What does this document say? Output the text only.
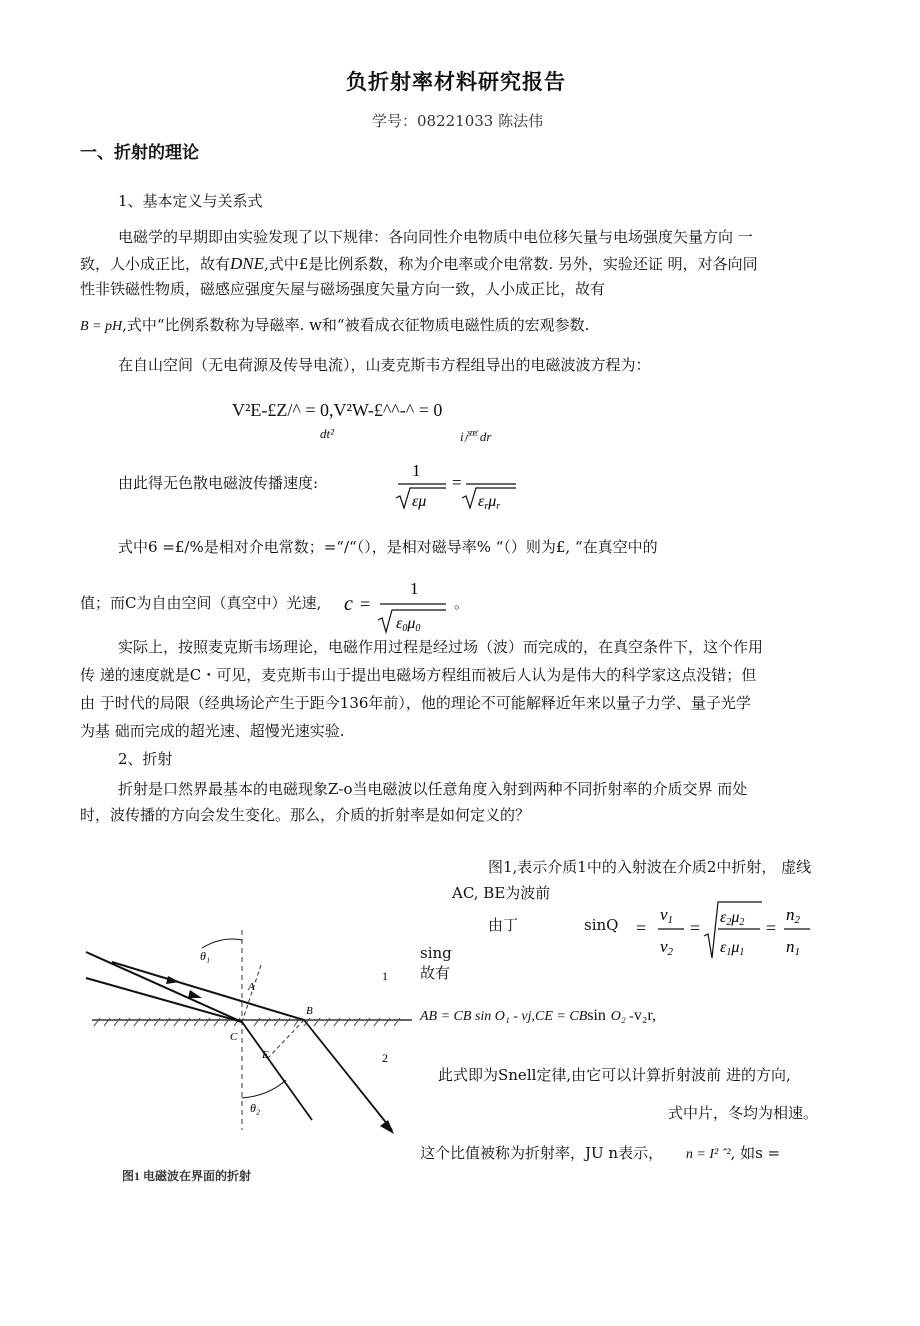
负折射率材料研究报告
学号：08221033 陈法伟
一、折射的理论
1、基本定义与关系式
电磁学的早期即由实验发现了以下规律：各向同性介电物质中电位移矢量与电场强度矢量方向 一
致，人小成正比，故有DNE,式中£是比例系数，称为介电率或介电常数. 另外，实验还证 明，对各向同
性非铁磁性物质，磁感应强度矢屋与磁场强度矢量方向一致，人小成正比，故有
B = pH,式中“比例系数称为导磁率. w和“被看成衣征物质电磁性质的宏观参数.
在自山空间（无电荷源及传导电流），山麦克斯韦方程组导出的电磁波波方程为：
V²E-£Z/^ = 0,V²W-£^^-^ = 0
dt²	i严 dr
由此得无色散电磁波传播速度:
1
εμ
=
εrμr
式中6 =£/%是相对介电常数；=“/“（），是相对磁导率% “（）则为£, “在真空中的
值；而C为自由空间（真空中）光速, c =
1
ε0μ0
。
实际上，按照麦克斯韦场理论，电磁作用过程是经过场（波）而完成的，在真空条件下，这个作用
传 递的速度就是C・可见，麦克斯韦山于提出电磁场方程组而被后人认为是伟大的科学家这点没错；但
由 于时代的局限（经典场论产生于距今136年前），他的理论不可能解释近年来以量子力学、量子光学
为基 础而完成的超光速、超慢光速实验.
2、折射
折射是口然界最基本的电磁现象Z-o当电磁波以任意角度入射到两种不同折射率的介质交界 而处
时，波传播的方向会发生变化。那么，介质的折射率是如何定义的？
θ₁
θ₂
A
B
C
E
1
2
图1 电磁波在界面的折射
图1,表示介质1中的入射波在介质2中折射， 虚线
AC, BE为波前
由丁	sinQ =
v1
v2
=
ε2μ2
ε1μ1
=
n2
n1
sing
故有
AB = CB sin O₁ - vj,CE = CBsin O₂ -v₂r,
此式即为Snell定律,由它可以计算折射波前 进的方向,
式中片，冬均为相速。
这个比值被称为折射率，JU n表示， n = I² ˆ², 如s =
